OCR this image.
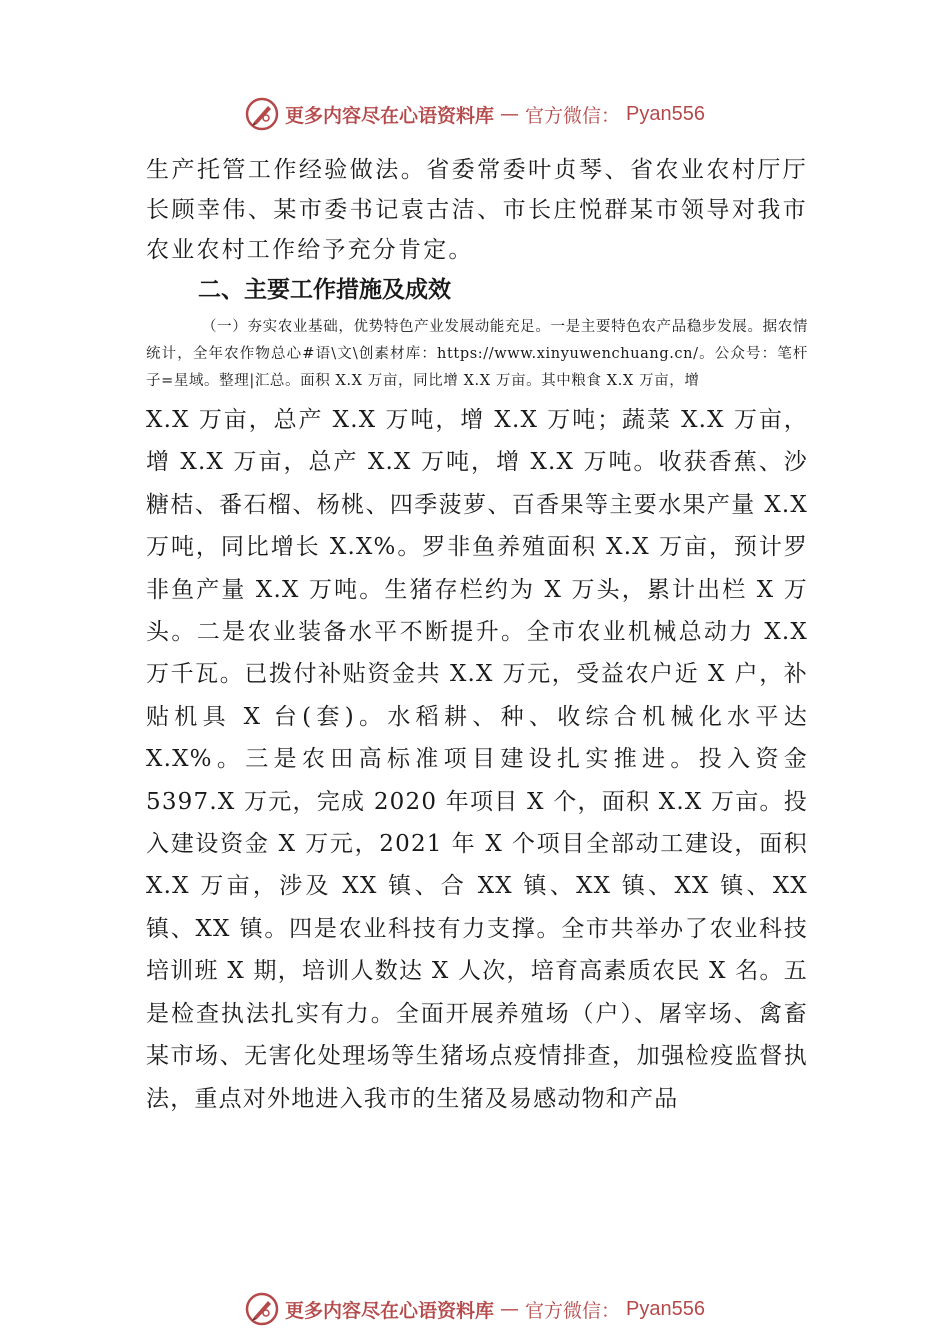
更多内容尽在心语资料库 — 官方微信： Pyan556

生产托管工作经验做法。省委常委叶贞琴、省农业农村厅厅长顾幸伟、某市委书记袁古洁、市长庄悦群某市领导对我市农业农村工作给予充分肯定。

二、主要工作措施及成效

（一）夯实农业基础，优势特色产业发展动能充足。一是主要特色农产品稳步发展。据农情统计，全年农作物总心#语\文\创素材库：https://www.xinyuwenchuang.cn/。公众号：笔杆子=星域。整理|汇总。面积 X.X 万亩，同比增 X.X 万亩。其中粮食 X.X 万亩，增

X.X 万亩，总产 X.X 万吨，增 X.X 万吨；蔬菜 X.X 万亩，增 X.X 万亩，总产 X.X 万吨，增 X.X 万吨。收获香蕉、沙糖桔、番石榴、杨桃、四季菠萝、百香果等主要水果产量 X.X 万吨，同比增长 X.X%。罗非鱼养殖面积 X.X 万亩，预计罗非鱼产量 X.X 万吨。生猪存栏约为 X 万头，累计出栏 X 万头。二是农业装备水平不断提升。全市农业机械总动力 X.X 万千瓦。已拨付补贴资金共 X.X 万元，受益农户近 X 户，补贴机具 X 台(套)。水稻耕、种、收综合机械化水平达 X.X%。三是农田高标准项目建设扎实推进。投入资金 5397.X 万元，完成 2020 年项目 X 个，面积 X.X 万亩。投入建设资金 X 万元，2021 年 X 个项目全部动工建设，面积 X.X 万亩，涉及 XX 镇、合 XX 镇、XX 镇、XX 镇、XX 镇、XX 镇。四是农业科技有力支撑。全市共举办了农业科技培训班 X 期，培训人数达 X 人次，培育高素质农民 X 名。五是检查执法扎实有力。全面开展养殖场（户）、屠宰场、禽畜某市场、无害化处理场等生猪场点疫情排查，加强检疫监督执法，重点对外地进入我市的生猪及易感动物和产品

更多内容尽在心语资料库 — 官方微信： Pyan556
